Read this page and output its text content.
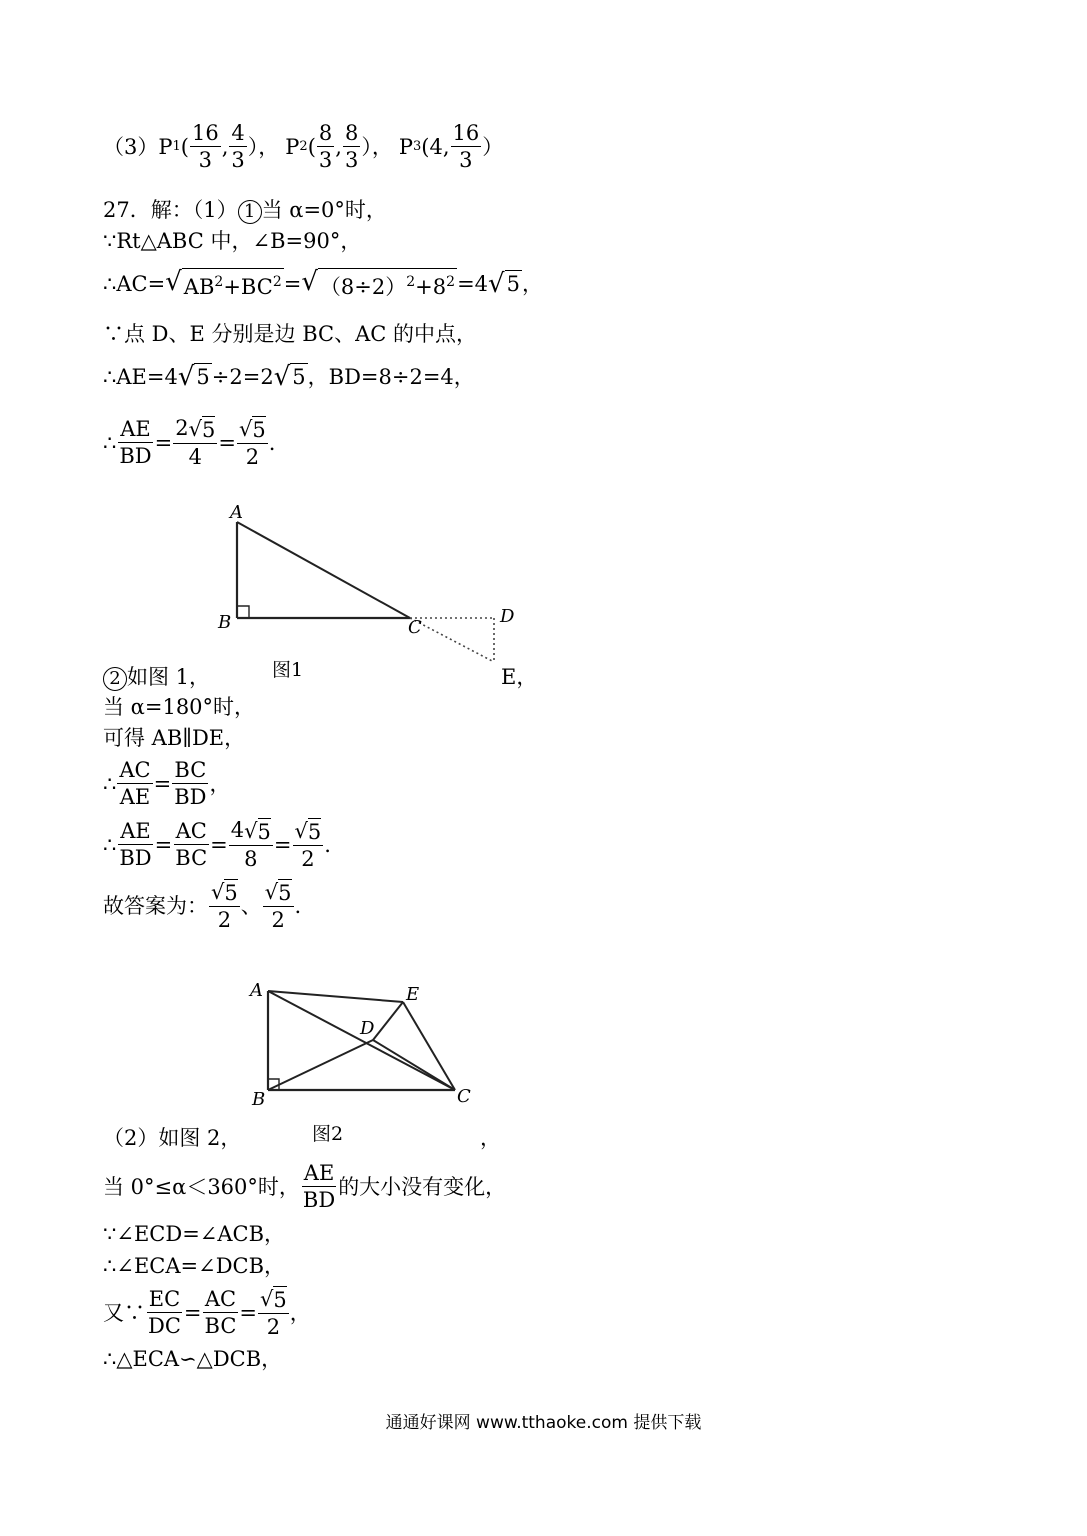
（3）P 1 ( $\frac{16}{3}$ , $\frac{4}{3}$ ）， P 2 ( $\frac{8}{3}$ , $\frac{8}{3}$ ）， P 3 (4, $\frac{16}{3}$ ）
27．解：（1） 1 当 α=0°时，
∵Rt△ABC 中，∠B=90°，
∴AC= √ $AB^2+BC^2$ = √ $(8\div 2)^2+8^2 =4$ √ 5 ，
∵点 D、E 分别是边 BC、AC 的中点，
∴AE=4 √ 5 ÷2=2 √ 5 ，BD=8÷2=4，
∴ $\frac{AE}{BD} = \frac{2 √ 5}{4} = \frac{√ 5}{2}$ .
A
B	C
D
图1
2 如图 1，	E，
当 α=180°时，
可得 AB∥DE，
∴ $\frac{AC}{AE} = \frac{BC}{BD}$ ，
∴ $\frac{AE}{BD} = \frac{AC}{BC} = \frac{4 √ 5}{8} = \frac{√ 5}{2}$ .
故答案为： $\frac{√ 5}{2}$ 、 $\frac{√ 5}{2}$ .
A
B	C
D
E
图2
（2）如图 2，	，
当 0°≤α＜360°时， $\frac{AE}{BD}$ 的大小没有变化，
∵∠ECD=∠ACB，
∴∠ECA=∠DCB，
又∵ $\frac{EC}{DC} = \frac{AC}{BC} = \frac{√ 5}{2}$ ，
∴△ECA∽△DCB，
通通好课网 www.tthaoke.com 提供下载
